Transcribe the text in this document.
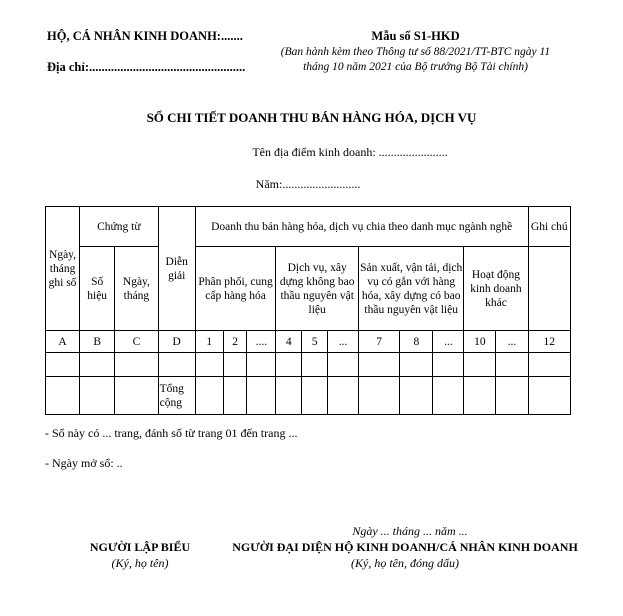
HỘ, CÁ NHÂN KINH DOANH:.......
Địa chỉ:..................................................
Mẫu số S1-HKD
(Ban hành kèm theo Thông tư số 88/2021/TT-BTC ngày 11 tháng 10 năm 2021 của Bộ trưởng Bộ Tài chính)
SỔ CHI TIẾT DOANH THU BÁN HÀNG HÓA, DỊCH VỤ
Tên địa điểm kinh doanh: .......................
Năm:..........................
Ngày, tháng ghi sổ	Chứng từ		Diễn giải	Doanh thu bán hàng hóa, dịch vụ chia theo danh mục ngành nghề											Ghi chú
	Số hiệu	Ngày, tháng		Phân phối, cung cấp hàng hóa			Dịch vụ, xây dựng không bao thầu nguyên vật liệu			Sản xuất, vận tải, dịch vụ có gắn với hàng hóa, xây dựng có bao thầu nguyên vật liệu			Hoạt động kinh doanh khác		

A	B	C	D	1	2	....	4	5	...	7	8	...	10	...	12

			Tổng cộng												
- Sổ này có ... trang, đánh số từ trang 01 đến trang ...
- Ngày mở sổ: ..
Ngày ... tháng ... năm ...
NGƯỜI LẬP BIỂU
(Ký, họ tên)
NGƯỜI ĐẠI DIỆN HỘ KINH DOANH/CÁ NHÂN KINH DOANH
(Ký, họ tên, đóng dấu)
